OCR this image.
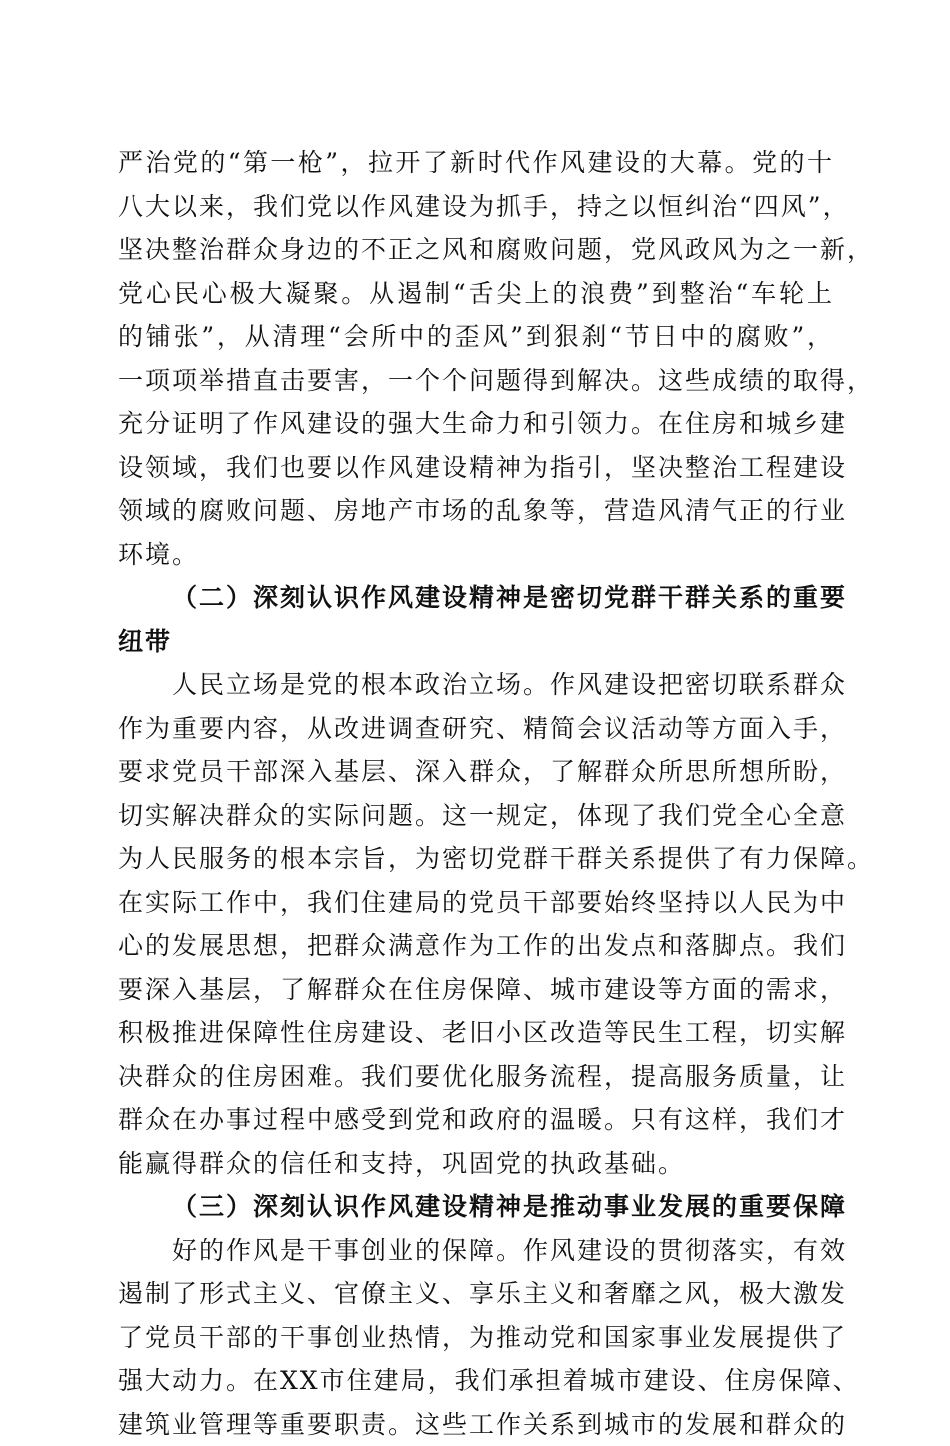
严治党的“第一枪”，拉开了新时代作风建设的大幕。党的十
八大以来，我们党以作风建设为抓手，持之以恒纠治“四风”，
坚决整治群众身边的不正之风和腐败问题，党风政风为之一新，
党心民心极大凝聚。从遏制“舌尖上的浪费”到整治“车轮上
的铺张”，从清理“会所中的歪风”到狠刹“节日中的腐败”，
一项项举措直击要害，一个个问题得到解决。这些成绩的取得，
充分证明了作风建设的强大生命力和引领力。在住房和城乡建
设领域，我们也要以作风建设精神为指引，坚决整治工程建设
领域的腐败问题、房地产市场的乱象等，营造风清气正的行业
环境。
（二）深刻认识作风建设精神是密切党群干群关系的重要
纽带
人民立场是党的根本政治立场。作风建设把密切联系群众
作为重要内容，从改进调查研究、精简会议活动等方面入手，
要求党员干部深入基层、深入群众，了解群众所思所想所盼，
切实解决群众的实际问题。这一规定，体现了我们党全心全意
为人民服务的根本宗旨，为密切党群干群关系提供了有力保障。
在实际工作中，我们住建局的党员干部要始终坚持以人民为中
心的发展思想，把群众满意作为工作的出发点和落脚点。我们
要深入基层，了解群众在住房保障、城市建设等方面的需求，
积极推进保障性住房建设、老旧小区改造等民生工程，切实解
决群众的住房困难。我们要优化服务流程，提高服务质量，让
群众在办事过程中感受到党和政府的温暖。只有这样，我们才
能赢得群众的信任和支持，巩固党的执政基础。
（三）深刻认识作风建设精神是推动事业发展的重要保障
好的作风是干事创业的保障。作风建设的贯彻落实，有效
遏制了形式主义、官僚主义、享乐主义和奢靡之风，极大激发
了党员干部的干事创业热情，为推动党和国家事业发展提供了
强大动力。在XX市住建局，我们承担着城市建设、住房保障、
建筑业管理等重要职责。这些工作关系到城市的发展和群众的
